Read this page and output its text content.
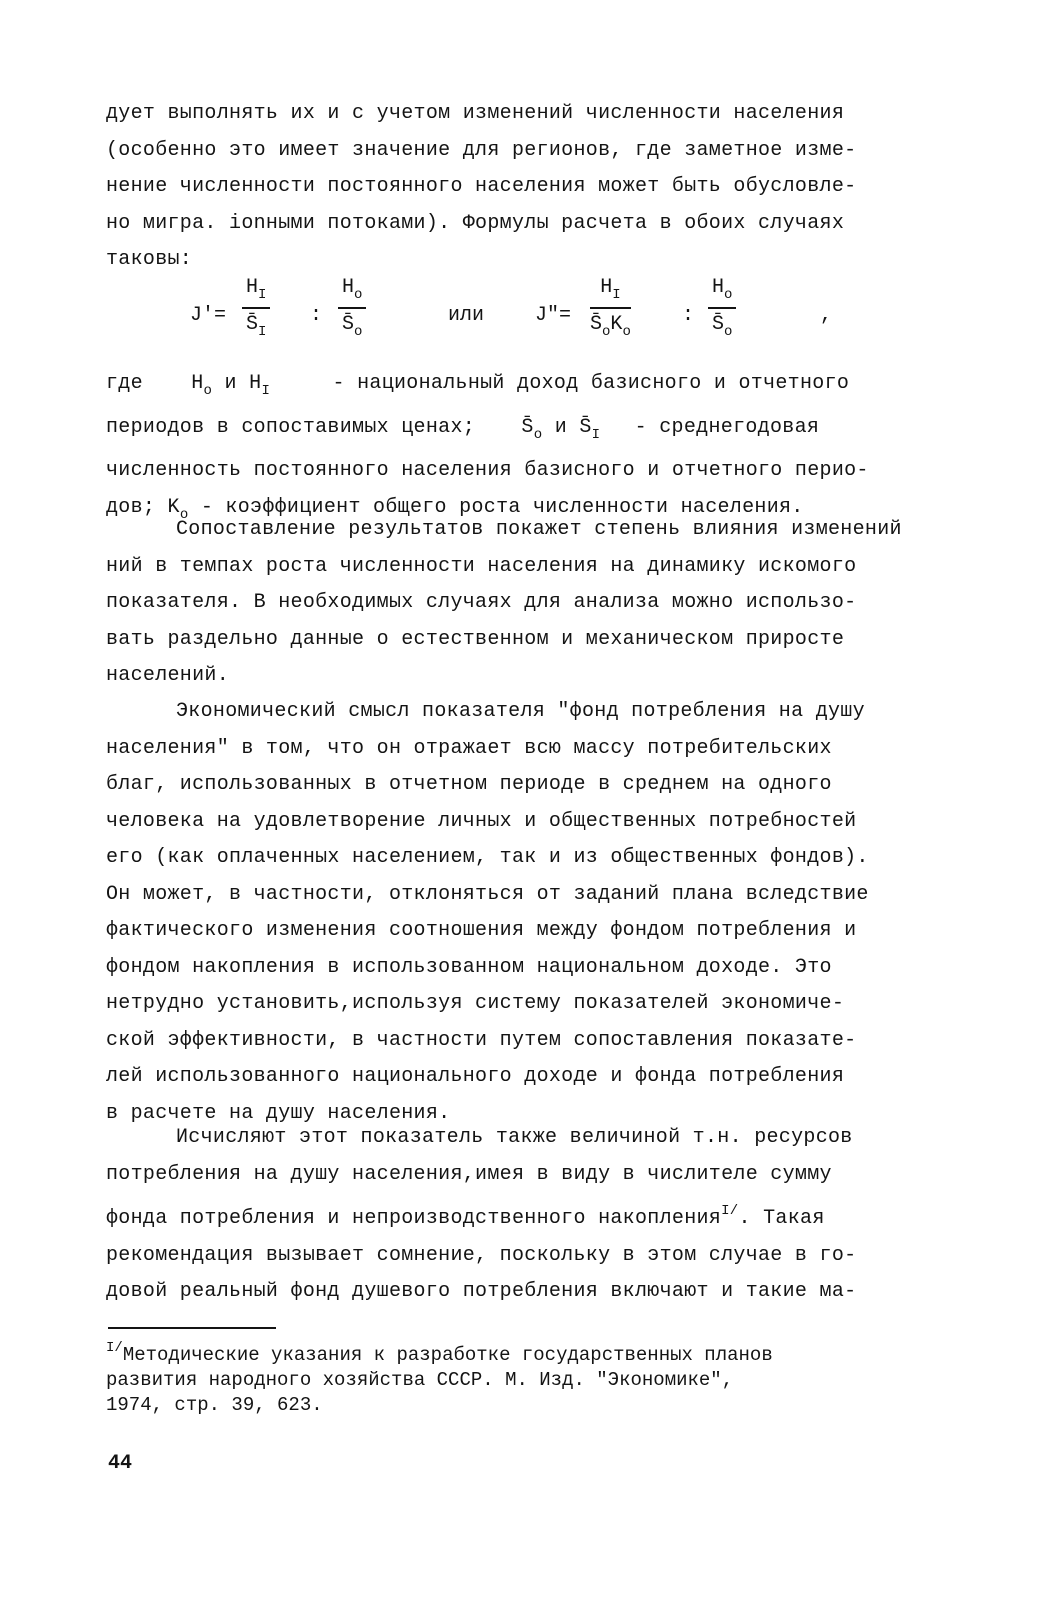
дует выполнять их и с учетом изменений численности населения
(особенно это имеет значение для регионов, где заметное изме-
нение численности постоянного населения может быть обусловле-
но мигра. ionными потоками). Формулы расчета в обоих случаях
таковы:

$J'= \frac{H_I}{S̄_I}$ : $\frac{H_o}{S̄_o}$	или	J″=
$H_I$
$S̄_oK_o$
: $\frac{H_o}{S̄_o}$	,

где $H_o$ и $H_I$	- национальный доход базисного и отчетного
периодов в сопоставимых ценах; $S̄_o$ и $S̄_I$ - среднегодовая
численность постоянного населения базисного и отчетного перио-
дов; $K_o$ - коэффициент общего роста численности населения.

Сопоставление результатов покажет степень влияния изменений
ний в темпах роста численности населения на динамику искомого
показателя. В необходимых случаях для анализа можно использо-
вать раздельно данные о естественном и механическом приросте
населений.

Экономический смысл показателя "фонд потребления на душу
населения" в том, что он отражает всю массу потребительских
благ, использованных в отчетном периоде в среднем на одного
человека на удовлетворение личных и общественных потребностей
его (как оплаченных населением, так и из общественных фондов).
Он может, в частности, отклоняться от заданий плана вследствие
фактического изменения соотношения между фондом потребления и
фондом накопления в использованном национальном доходе. Это
нетрудно установить,используя систему показателей экономиче-
ской эффективности, в частности путем сопоставления показате-
лей использованного национального доходе и фонда потребления
в расчете на душу населения.

Исчисляют этот показатель также величиной т.н. ресурсов
потребления на душу населения,имея в виду в числителе сумму
фонда потребления и непроизводственного накопления$^{I/}$. Такая
рекомендация вызывает сомнение, поскольку в этом случае в го-
довой реальный фонд душевого потребления включают и такие ма-

$^{I/}$Методические указания к разработке государственных планов
развития народного хозяйства СССР. М. Изд. "Экономике",
1974, стр. 39, 623.

44
